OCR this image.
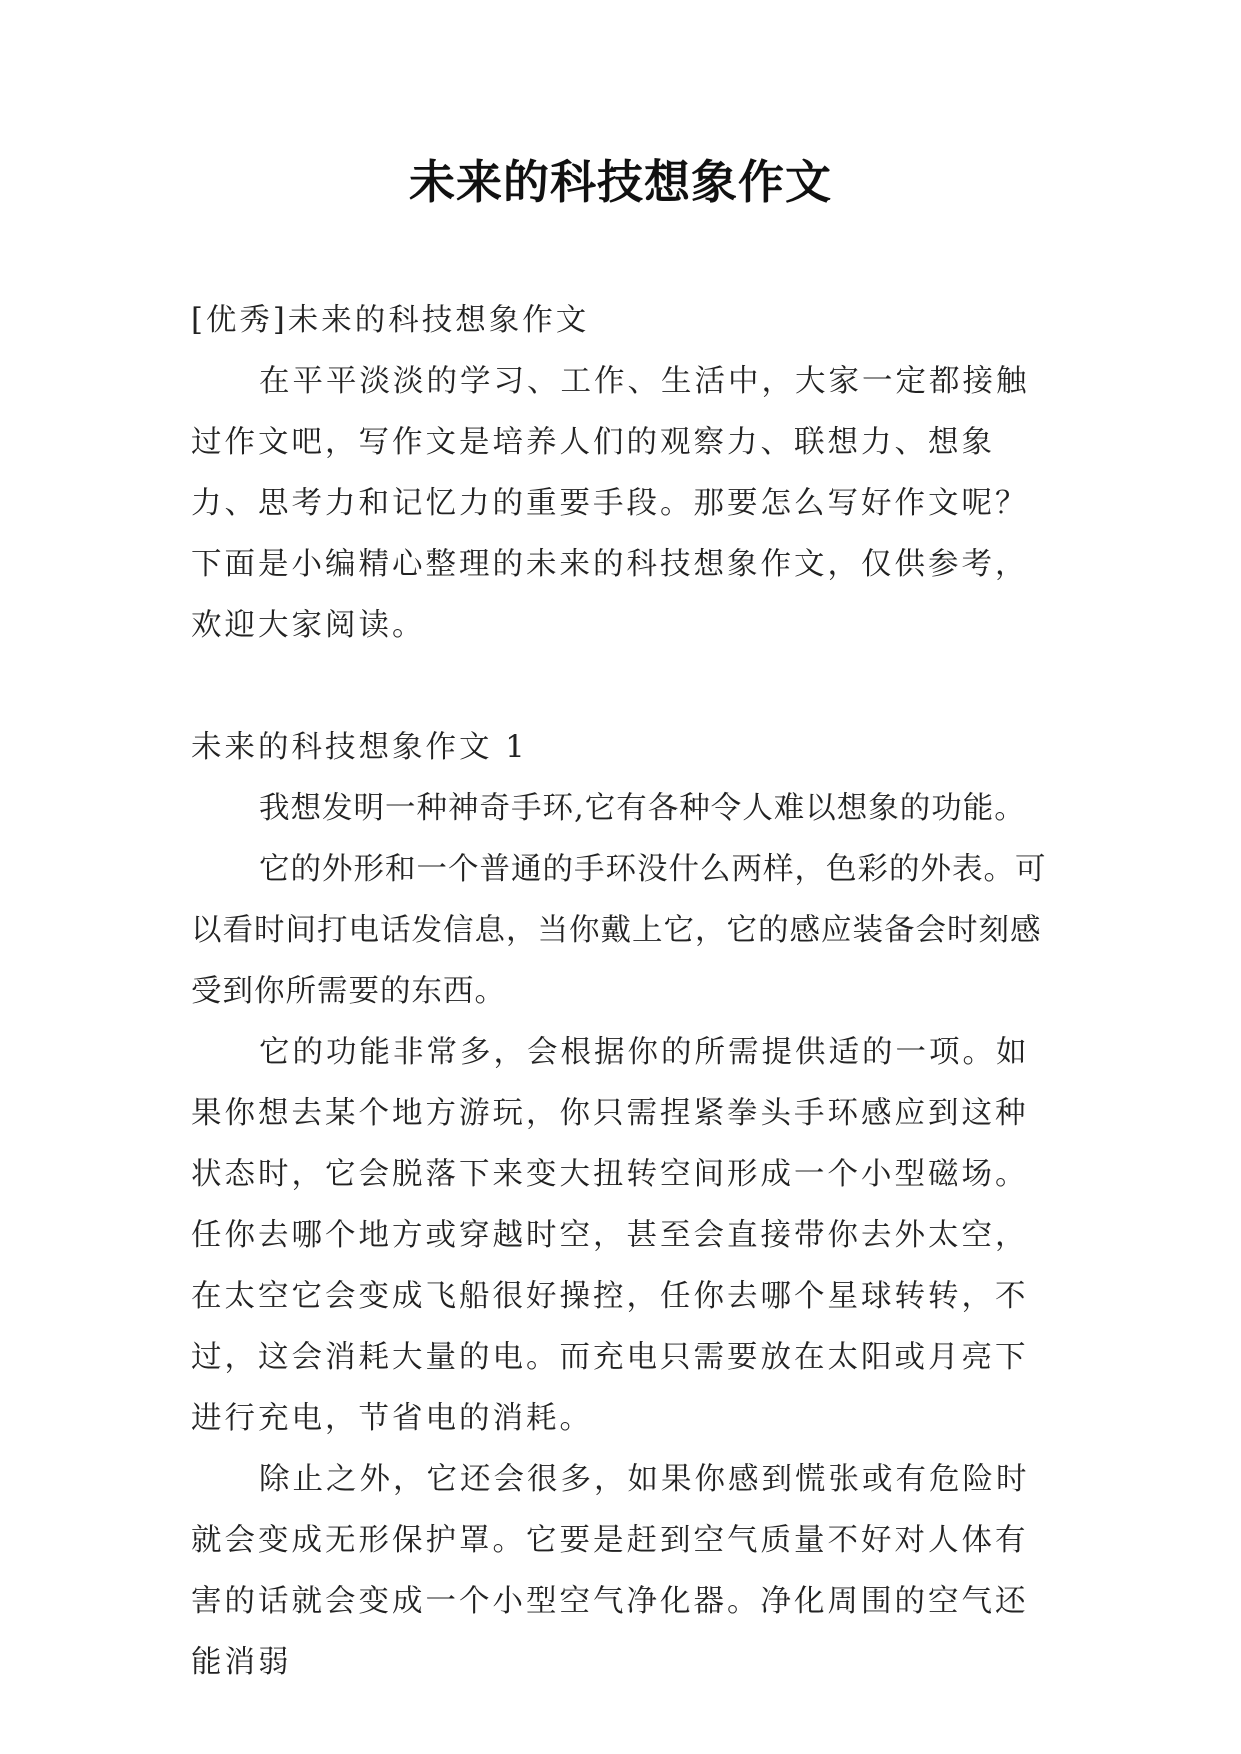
未来的科技想象作文

[优秀]未来的科技想象作文

在平平淡淡的学习、工作、生活中，大家一定都接触过作文吧，写作文是培养人们的观察力、联想力、想象力、思考力和记忆力的重要手段。那要怎么写好作文呢？下面是小编精心整理的未来的科技想象作文，仅供参考，欢迎大家阅读。

未来的科技想象作文 1

我想发明一种神奇手环,它有各种令人难以想象的功能。

它的外形和一个普通的手环没什么两样，色彩的外表。可以看时间打电话发信息，当你戴上它，它的感应装备会时刻感受到你所需要的东西。

它的功能非常多，会根据你的所需提供适的一项。如果你想去某个地方游玩，你只需捏紧拳头手环感应到这种状态时，它会脱落下来变大扭转空间形成一个小型磁场。任你去哪个地方或穿越时空，甚至会直接带你去外太空，在太空它会变成飞船很好操控，任你去哪个星球转转，不过，这会消耗大量的电。而充电只需要放在太阳或月亮下进行充电，节省电的消耗。

除止之外，它还会很多，如果你感到慌张或有危险时就会变成无形保护罩。它要是赶到空气质量不好对人体有害的话就会变成一个小型空气净化器。净化周围的空气还能消弱
